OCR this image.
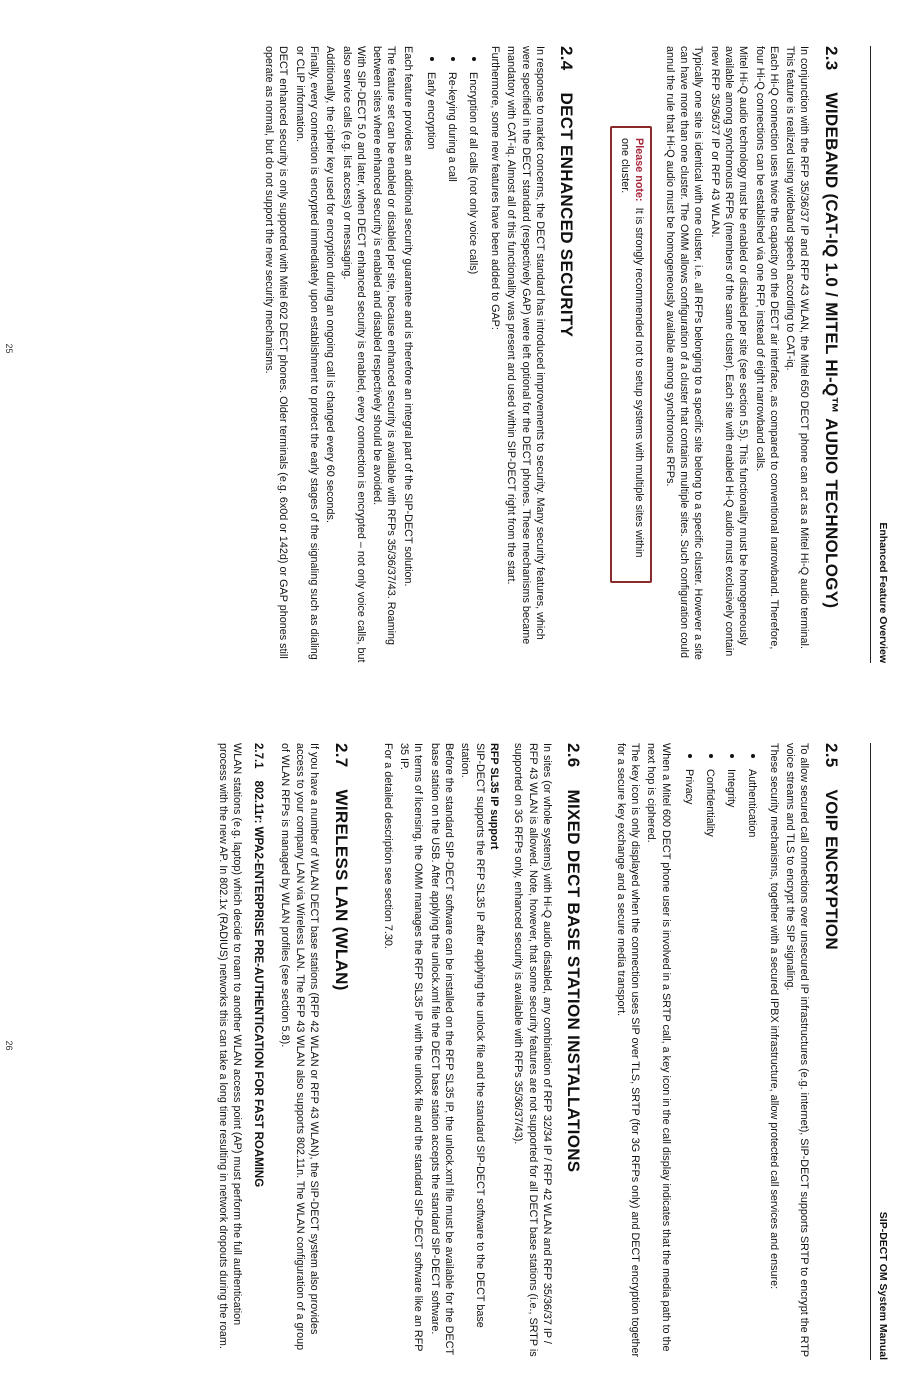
Enhanced Feature Overview
2.3
WIDEBAND (CAT-IQ 1.0 / MITEL HI-Q™ AUDIO TECHNOLOGY)

In conjunction with the RFP 35/36/37 IP and RFP 43 WLAN, the Mitel 650 DECT phone can act as a Mitel Hi-Q audio terminal. This feature is realized using wideband speech according to CAT-iq.

Each Hi-Q connection uses twice the capacity on the DECT air interface, as compared to conventional narrowband. Therefore, four Hi-Q connections can be established via one RFP, instead of eight narrowband calls.

Mitel Hi-Q audio technology must be enabled or disabled per site (see section 5.5). This functionality must be homogeneously available among synchronous RFPs (members of the same cluster). Each site with enabled Hi-Q audio must exclusively contain new RFP 35/36/37 IP or RFP 43 WLAN.

Typically one site is identical with one cluster, i.e. all RFPs belonging to a specific site belong to a specific cluster. However a site can have more than one cluster. The OMM allows configuration of a cluster that contains multiple sites. Such configuration could annul the rule that Hi-Q audio must be homogeneously available among synchronous RFPs.

Please note:It is strongly recommended not to setup systems with multiple sites within one cluster.
2.4
DECT ENHANCED SECURITY

In response to market concerns, the DECT standard has introduced improvements to security. Many security features, which were specified in the DECT standard (respectively GAP) were left optional for the DECT phones. These mechanisms became mandatory with CAT-iq. Almost all of this functionality was present and used within SIP-DECT right from the start.

Furthermore, some new features have been added to GAP:

• Encryption of all calls (not only voice calls)
• Re-keying during a call
• Early encryption

Each feature provides an additional security guarantee and is therefore an integral part of the SIP-DECT solution.

The feature set can be enabled or disabled per site, because enhanced security is available with RFPs 35/36/37/43. Roaming between sites where enhanced security is enabled and disabled respectively should be avoided.

With SIP-DECT 5.0 and later, when DECT enhanced security is enabled, every connection is encrypted – not only voice calls, but also service calls (e.g. list access) or messaging.

Additionally, the cipher key used for encryption during an ongoing call is changed every 60 seconds.

Finally, every connection is encrypted immediately upon establishment to protect the early stages of the signaling such as dialing or CLIP information.

DECT enhanced security is only supported with Mitel 602 DECT phones. Older terminals (e.g. 6x0d or 142d) or GAP phones still operate as normal, but do not support the new security mechanisms.

25
SIP-DECT OM System Manual
2.5
VOIP ENCRYPTION

To allow secured call connections over unsecured IP infrastructures (e.g. internet), SIP-DECT supports SRTP to encrypt the RTP voice streams and TLS to encrypt the SIP signaling.

These security mechanisms, together with a secured IPBX infrastructure, allow protected call services and ensure:

• Authentication
• Integrity
• Confidentiality
• Privacy

When a Mitel 600 DECT phone user is involved in a SRTP call, a key icon in the call display indicates that the media path to the next hop is ciphered.

The key icon is only displayed when the connection uses SIP over TLS, SRTP (for 3G RFPs only) and DECT encryption together for a secure key exchange and a secure media transport.

2.6
MIXED DECT BASE STATION INSTALLATIONS

In sites (or whole systems) with Hi-Q audio disabled, any combination of RFP 32/34 IP / RFP 42 WLAN and RFP 35/36/37 IP / RFP 43 WLAN is allowed. Note, however, that some security features are not supported for all DECT base stations (i.e., SRTP is supported on 3G RFPs only, enhanced security is available with RFPs 35/36/37/43).

RFP SL35 IP support

SIP-DECT supports the RFP SL35 IP after applying the unlock file and the standard SIP-DECT software to the DECT base station.

Before the standard SIP-DECT software can be installed on the RFP SL35 IP, the unlock.xml file must be available for the DECT base station on the USB. After applying the unlock.xml file the DECT base station accepts the standard SIP-DECT software.

In terms of licensing, the OMM manages the RFP SL35 IP with the unlock file and the standard SIP-DECT software like an RFP 35 IP.

For a detailed description see section 7.30.

2.7
WIRELESS LAN (WLAN)

If you have a number of WLAN DECT base stations (RFP 42 WLAN or RFP 43 WLAN), the SIP-DECT system also provides access to your company LAN via Wireless LAN. The RFP 43 WLAN also supports 802.11n. The WLAN configuration of a group of WLAN RFPs is managed by WLAN profiles (see section 5.8).

2.7.1
802.11r: WPA2-ENTERPRISE PRE-AUTHENTICATION FOR FAST ROAMING

WLAN stations (e.g. laptop) which decide to roam to another WLAN access point (AP) must perform the full authentication process with the new AP. In 802.1x (RADIUS) networks this can take a long time resulting in network dropouts during the roam.

26
